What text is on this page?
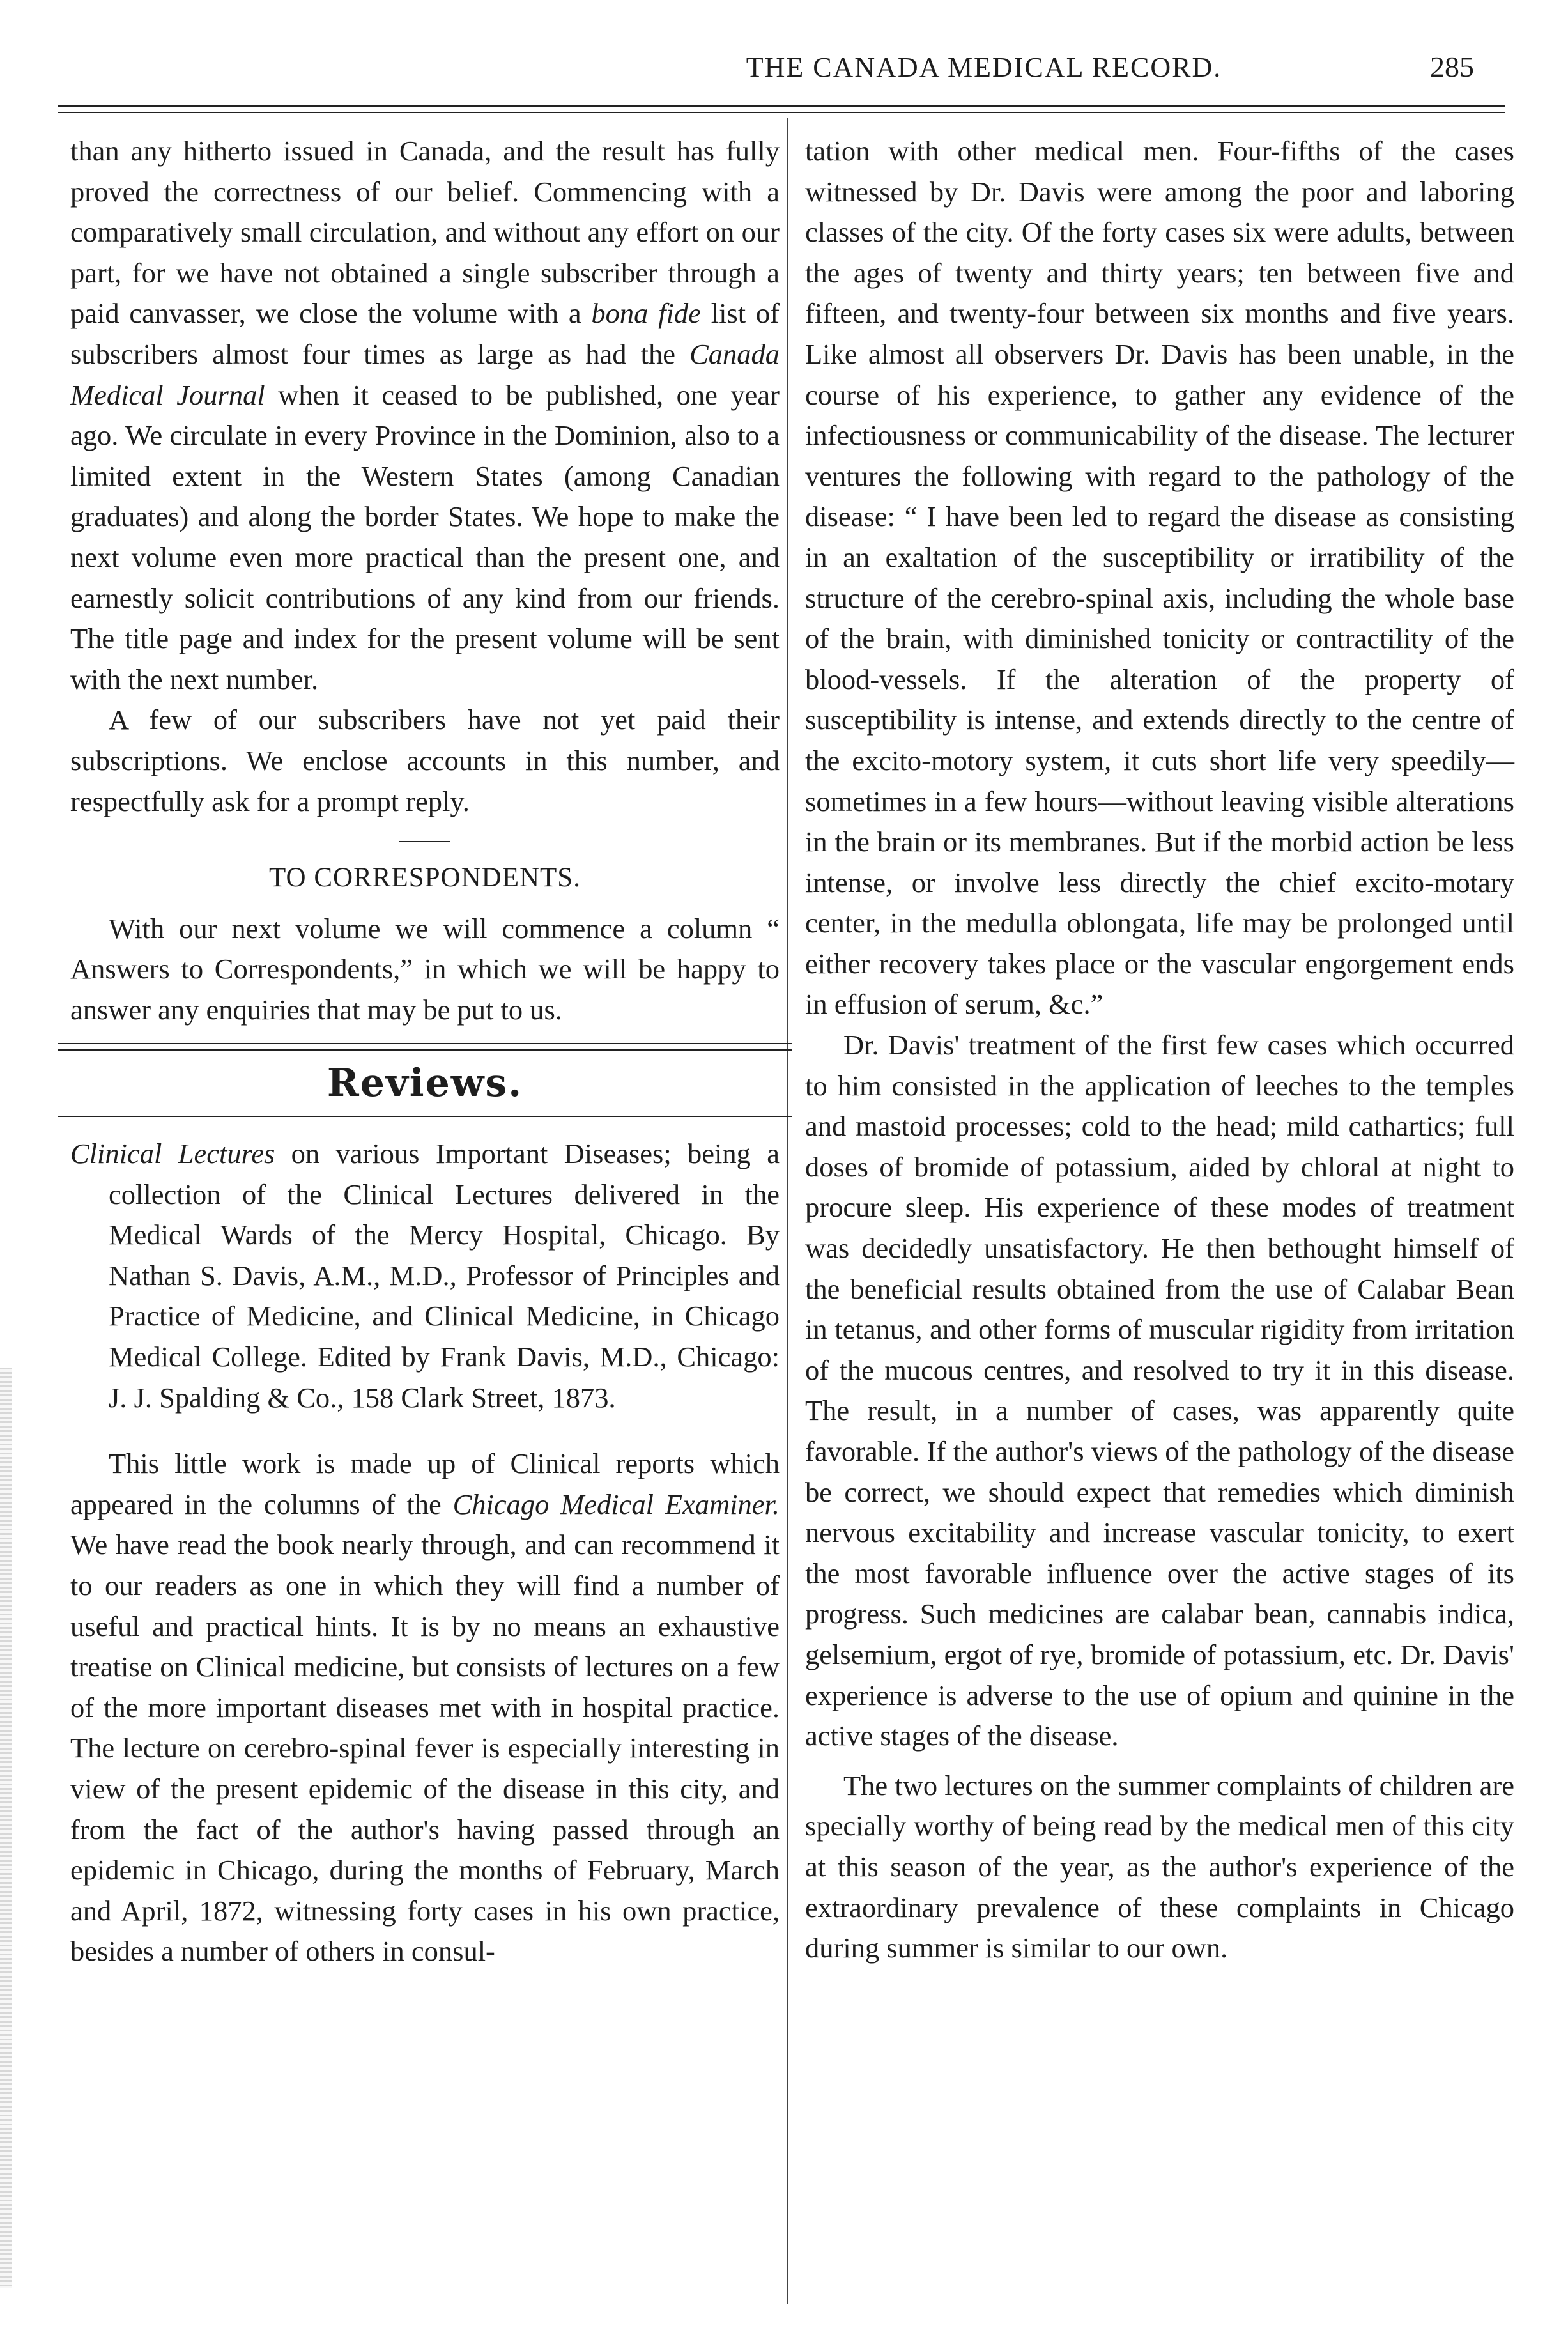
THE CANADA MEDICAL RECORD.	285

than any hitherto issued in Canada, and the result has fully proved the correctness of our belief. Commencing with a comparatively small circulation, and without any effort on our part, for we have not obtained a single subscriber through a paid canvasser, we close the volume with a bona fide list of subscribers almost four times as large as had the Canada Medical Journal when it ceased to be published, one year ago. We circulate in every Province in the Dominion, also to a limited extent in the Western States (among Canadian graduates) and along the border States. We hope to make the next volume even more practical than the present one, and earnestly solicit contributions of any kind from our friends. The title page and index for the present volume will be sent with the next number.

A few of our subscribers have not yet paid their subscriptions. We enclose accounts in this number, and respectfully ask for a prompt reply.

TO CORRESPONDENTS.

With our next volume we will commence a column “ Answers to Correspondents,” in which we will be happy to answer any enquiries that may be put to us.

Reviews.

Clinical Lectures on various Important Diseases; being a collection of the Clinical Lectures delivered in the Medical Wards of the Mercy Hospital, Chicago. By Nathan S. Davis, A.M., M.D., Professor of Principles and Practice of Medicine, and Clinical Medicine, in Chicago Medical College. Edited by Frank Davis, M.D., Chicago: J. J. Spalding & Co., 158 Clark Street, 1873.

This little work is made up of Clinical reports which appeared in the columns of the Chicago Medical Examiner. We have read the book nearly through, and can recommend it to our readers as one in which they will find a number of useful and practical hints. It is by no means an exhaustive treatise on Clinical medicine, but consists of lectures on a few of the more important diseases met with in hospital practice. The lecture on cerebro-spinal fever is especially interesting in view of the present epidemic of the disease in this city, and from the fact of the author's having passed through an epidemic in Chicago, during the months of February, March and April, 1872, witnessing forty cases in his own practice, besides a number of others in consul-

tation with other medical men. Four-fifths of the cases witnessed by Dr. Davis were among the poor and laboring classes of the city. Of the forty cases six were adults, between the ages of twenty and thirty years; ten between five and fifteen, and twenty-four between six months and five years. Like almost all observers Dr. Davis has been unable, in the course of his experience, to gather any evidence of the infectiousness or communicability of the disease. The lecturer ventures the following with regard to the pathology of the disease: “ I have been led to regard the disease as consisting in an exaltation of the susceptibility or irratibility of the structure of the cerebro-spinal axis, including the whole base of the brain, with diminished tonicity or contractility of the blood-vessels. If the alteration of the property of susceptibility is intense, and extends directly to the centre of the excito-motory system, it cuts short life very speedily—sometimes in a few hours—without leaving visible alterations in the brain or its membranes. But if the morbid action be less intense, or involve less directly the chief excito-motary center, in the medulla oblongata, life may be prolonged until either recovery takes place or the vascular engorgement ends in effusion of serum, &c.”

Dr. Davis' treatment of the first few cases which occurred to him consisted in the application of leeches to the temples and mastoid processes; cold to the head; mild cathartics; full doses of bromide of potassium, aided by chloral at night to procure sleep. His experience of these modes of treatment was decidedly unsatisfactory. He then bethought himself of the beneficial results obtained from the use of Calabar Bean in tetanus, and other forms of muscular rigidity from irritation of the mucous centres, and resolved to try it in this disease. The result, in a number of cases, was apparently quite favorable. If the author's views of the pathology of the disease be correct, we should expect that remedies which diminish nervous excitability and increase vascular tonicity, to exert the most favorable influence over the active stages of its progress. Such medicines are calabar bean, cannabis indica, gelsemium, ergot of rye, bromide of potassium, etc. Dr. Davis' experience is adverse to the use of opium and quinine in the active stages of the disease.

The two lectures on the summer complaints of children are specially worthy of being read by the medical men of this city at this season of the year, as the author's experience of the extraordinary prevalence of these complaints in Chicago during summer is similar to our own.
